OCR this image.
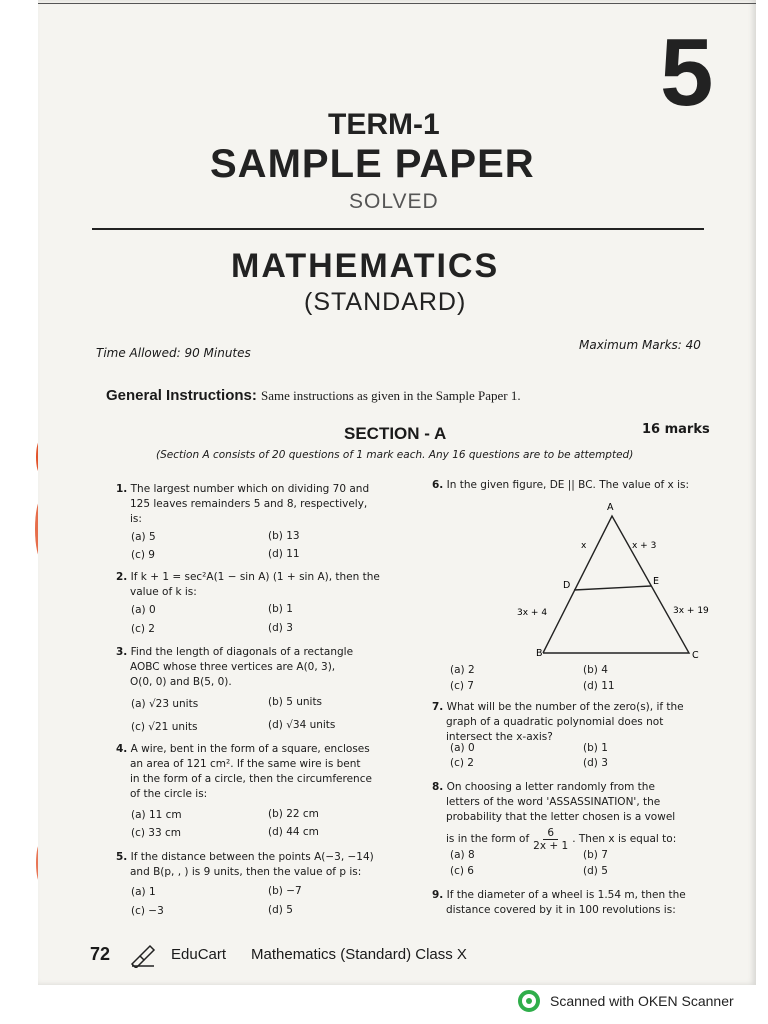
5
TERM-1
SAMPLE PAPER
SOLVED
MATHEMATICS
(STANDARD)
Time Allowed: 90 Minutes
Maximum Marks: 40
General Instructions: Same instructions as given in the Sample Paper 1.
SECTION - A	16 marks
(Section A consists of 20 questions of 1 mark each. Any 16 questions are to be attempted)
1. The largest number which on dividing 70 and
125 leaves remainders 5 and 8, respectively,
is:
(a) 5	(b) 13
(c) 9	(d) 11
2. If k + 1 = sec²A(1 − sin A) (1 + sin A), then the
value of k is:
(a) 0	(b) 1
(c) 2	(d) 3
3. Find the length of diagonals of a rectangle
AOBC whose three vertices are A(0, 3),
O(0, 0) and B(5, 0).
(a) √23 units	(b) 5 units
(c) √21 units	(d) √34 units
4. A wire, bent in the form of a square, encloses
an area of 121 cm². If the same wire is bent
in the form of a circle, then the circumference
of the circle is:
(a) 11 cm	(b) 22 cm
(c) 33 cm	(d) 44 cm
5. If the distance between the points A(−3, −14)
and B(p, , ) is 9 units, then the value of p is:
(a) 1	(b) −7
(c) −3	(d) 5
6. In the given figure, DE || BC. The value of x is:
A
B	C
D	E
x	x + 3
3x + 4	3x + 19
(a) 2	(b) 4
(c) 7	(d) 11
7. What will be the number of the zero(s), if the
graph of a quadratic polynomial does not
intersect the x-axis?
(a) 0	(b) 1
(c) 2	(d) 3
8. On choosing a letter randomly from the
letters of the word 'ASSASSINATION', the
probability that the letter chosen is a vowel
is in the form of $\frac{6}{2x + 1}$ . Then x is equal to:
(a) 8	(b) 7
(c) 6	(d) 5
9. If the diameter of a wheel is 1.54 m, then the
distance covered by it in 100 revolutions is:
72	EduCart Mathematics (Standard) Class X
Scanned with OKEN Scanner
